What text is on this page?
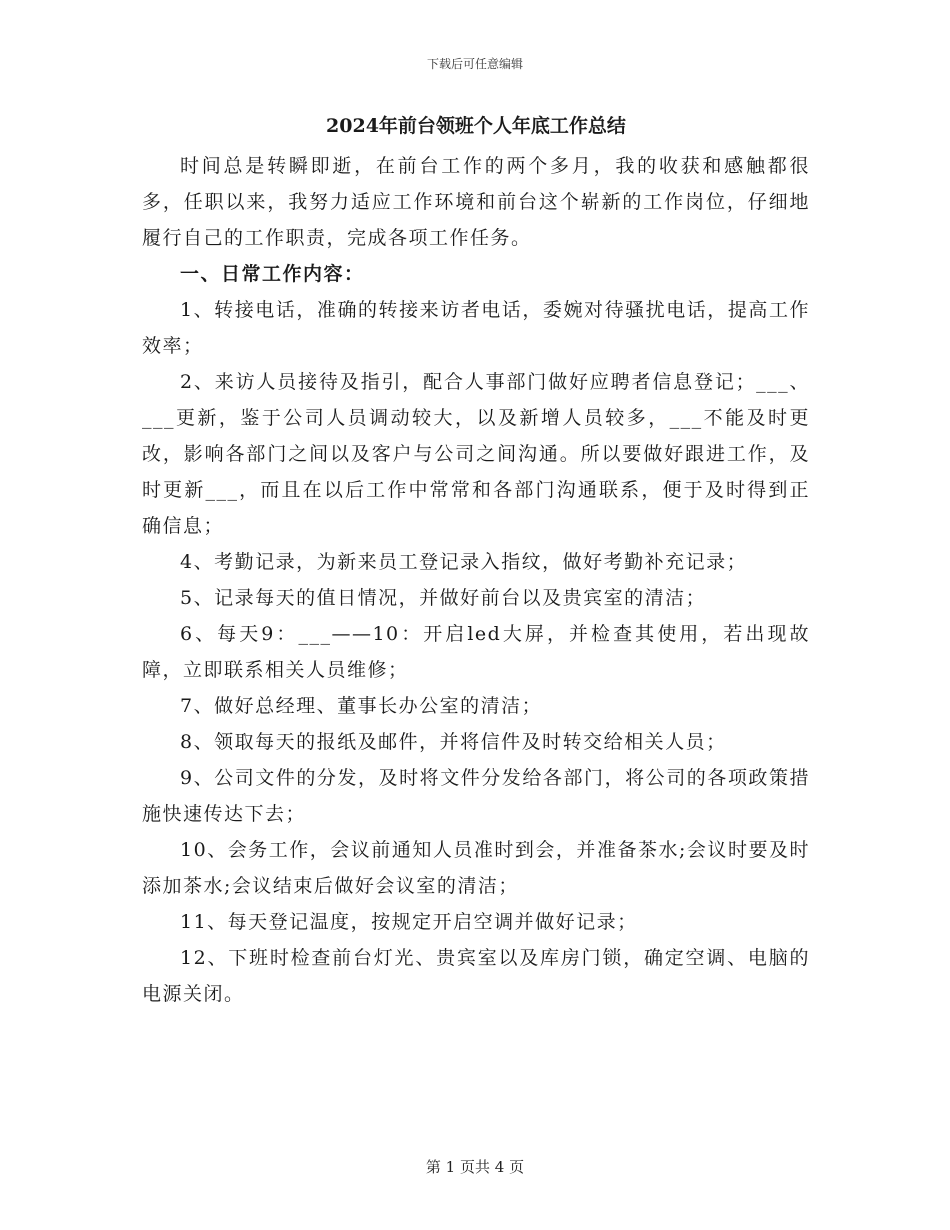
下载后可任意编辑
2024年前台领班个人年底工作总结

时间总是转瞬即逝，在前台工作的两个多月，我的收获和感触都很多，任职以来，我努力适应工作环境和前台这个崭新的工作岗位，仔细地履行自己的工作职责，完成各项工作任务。

一、日常工作内容：

1、转接电话，准确的转接来访者电话，委婉对待骚扰电话，提高工作效率；

2、来访人员接待及指引，配合人事部门做好应聘者信息登记；___、___更新，鉴于公司人员调动较大，以及新增人员较多，___不能及时更改，影响各部门之间以及客户与公司之间沟通。所以要做好跟进工作，及时更新___，而且在以后工作中常常和各部门沟通联系，便于及时得到正确信息；

4、考勤记录，为新来员工登记录入指纹，做好考勤补充记录；

5、记录每天的值日情况，并做好前台以及贵宾室的清洁；

6、每天9：___——10：开启led大屏，并检查其使用，若出现故障，立即联系相关人员维修；

7、做好总经理、董事长办公室的清洁；

8、领取每天的报纸及邮件，并将信件及时转交给相关人员；

9、公司文件的分发，及时将文件分发给各部门，将公司的各项政策措施快速传达下去；

10、会务工作，会议前通知人员准时到会，并准备茶水;会议时要及时添加茶水;会议结束后做好会议室的清洁；

11、每天登记温度，按规定开启空调并做好记录；

12、下班时检查前台灯光、贵宾室以及库房门锁，确定空调、电脑的电源关闭。

第 1 页共 4 页
